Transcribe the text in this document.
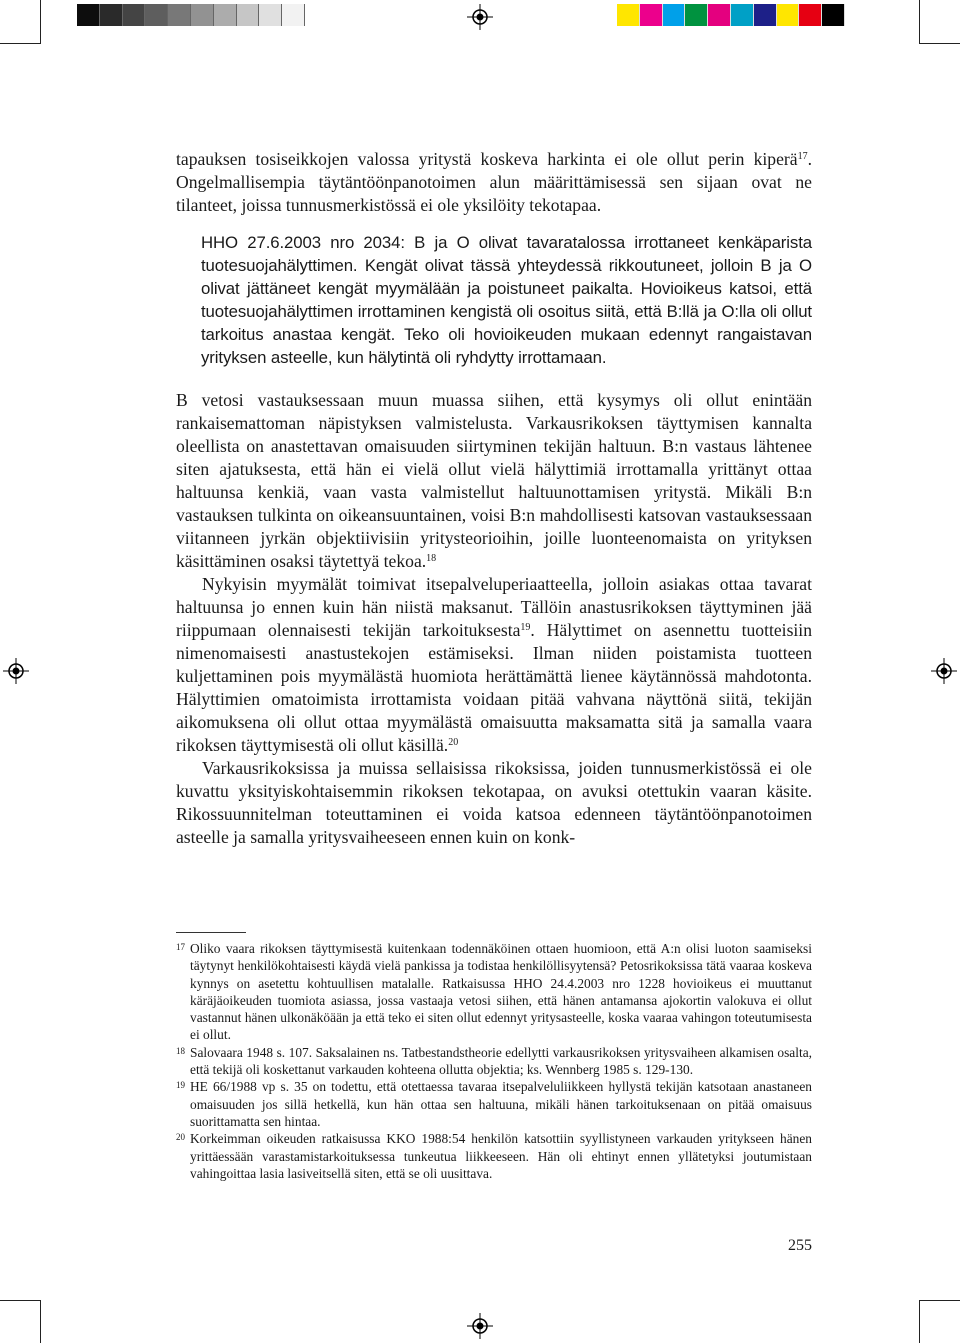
tapauksen tosiseikkojen valossa yritystä koskeva harkinta ei ole ollut perin kiperä$^{17}$. Ongelmallisempia täytäntöönpanotoimen alun määrittämisessä sen sijaan ovat ne tilanteet, joissa tunnusmerkistössä ei ole yksilöity tekotapaa.

HHO 27.6.2003 nro 2034: B ja O olivat tavaratalossa irrottaneet kenkäparista tuotesuojahälyttimen. Kengät olivat tässä yhteydessä rikkoutuneet, jolloin B ja O olivat jättäneet kengät myymälään ja poistuneet paikalta. Hovioikeus katsoi, että tuotesuojahälyttimen irrottaminen kengistä oli osoitus siitä, että B:llä ja O:lla oli ollut tarkoitus anastaa kengät. Teko oli hovioikeuden mukaan edennyt rangaistavan yrityksen asteelle, kun hälytintä oli ryhdytty irrottamaan.

B vetosi vastauksessaan muun muassa siihen, että kysymys oli ollut enintään rankaisemattoman näpistyksen valmistelusta. Varkausrikoksen täyttymisen kannalta oleellista on anastettavan omaisuuden siirtyminen tekijän haltuun. B:n vastaus lähtenee siten ajatuksesta, että hän ei vielä ollut vielä hälyttimiä irrottamalla yrittänyt ottaa haltuunsa kenkiä, vaan vasta valmistellut haltuunottamisen yritystä. Mikäli B:n vastauksen tulkinta on oikeansuuntainen, voisi B:n mahdollisesti katsovan vastauksessaan viitanneen jyrkän objektiivisiin yritysteorioihin, joille luonteenomaista on yrityksen käsittäminen osaksi täytettyä tekoa.$^{18}$

Nykyisin myymälät toimivat itsepalveluperiaatteella, jolloin asiakas ottaa tavarat haltuunsa jo ennen kuin hän niistä maksanut. Tällöin anastusrikoksen täyttyminen jää riippumaan olennaisesti tekijän tarkoituksesta$^{19}$. Hälyttimet on asennettu tuotteisiin nimenomaisesti anastustekojen estämiseksi. Ilman niiden poistamista tuotteen kuljettaminen pois myymälästä huomiota herättämättä lienee käytännössä mahdotonta. Hälyttimien omatoimista irrottamista voidaan pitää vahvana näyttönä siitä, tekijän aikomuksena oli ollut ottaa myymälästä omaisuutta maksamatta sitä ja samalla vaara rikoksen täyttymisestä oli ollut käsillä.$^{20}$

Varkausrikoksissa ja muissa sellaisissa rikoksissa, joiden tunnusmerkistössä ei ole kuvattu yksityiskohtaisemmin rikoksen tekotapaa, on avuksi otettukin vaaran käsite. Rikossuunnitelman toteuttaminen ei voida katsoa edenneen täytäntöönpanotoimen asteelle ja samalla yritysvaiheeseen ennen kuin on konk-

17 Oliko vaara rikoksen täyttymisestä kuitenkaan todennäköinen ottaen huomioon, että A:n olisi luoton saamiseksi täytynyt henkilökohtaisesti käydä vielä pankissa ja todistaa henkilöllisyytensä? Petosrikoksissa tätä vaaraa koskeva kynnys on asetettu kohtuullisen matalalle. Ratkaisussa HHO 24.4.2003 nro 1228 hovioikeus ei muuttanut käräjäoikeuden tuomiota asiassa, jossa vastaaja vetosi siihen, että hänen antamansa ajokortin valokuva ei ollut vastannut hänen ulkonäköään ja että teko ei siten ollut edennyt yritysasteelle, koska vaaraa vahingon toteutumisesta ei ollut.
18 Salovaara 1948 s. 107. Saksalainen ns. Tatbestandstheorie edellytti varkausrikoksen yritysvaiheen alkamisen osalta, että tekijä oli koskettanut varkauden kohteena ollutta objektia; ks. Wennberg 1985 s. 129-130.
19 HE 66/1988 vp s. 35 on todettu, että otettaessa tavaraa itsepalveluliikkeen hyllystä tekijän katsotaan anastaneen omaisuuden jos sillä hetkellä, kun hän ottaa sen haltuuna, mikäli hänen tarkoituksenaan on pitää omaisuus suorittamatta sen hintaa.
20 Korkeimman oikeuden ratkaisussa KKO 1988:54 henkilön katsottiin syyllistyneen varkauden yritykseen hänen yrittäessään varastamistarkoituksessa tunkeutua liikkeeseen. Hän oli ehtinyt ennen yllätetyksi joutumistaan vahingoittaa lasia lasiveitsellä siten, että se oli uusittava.
255
